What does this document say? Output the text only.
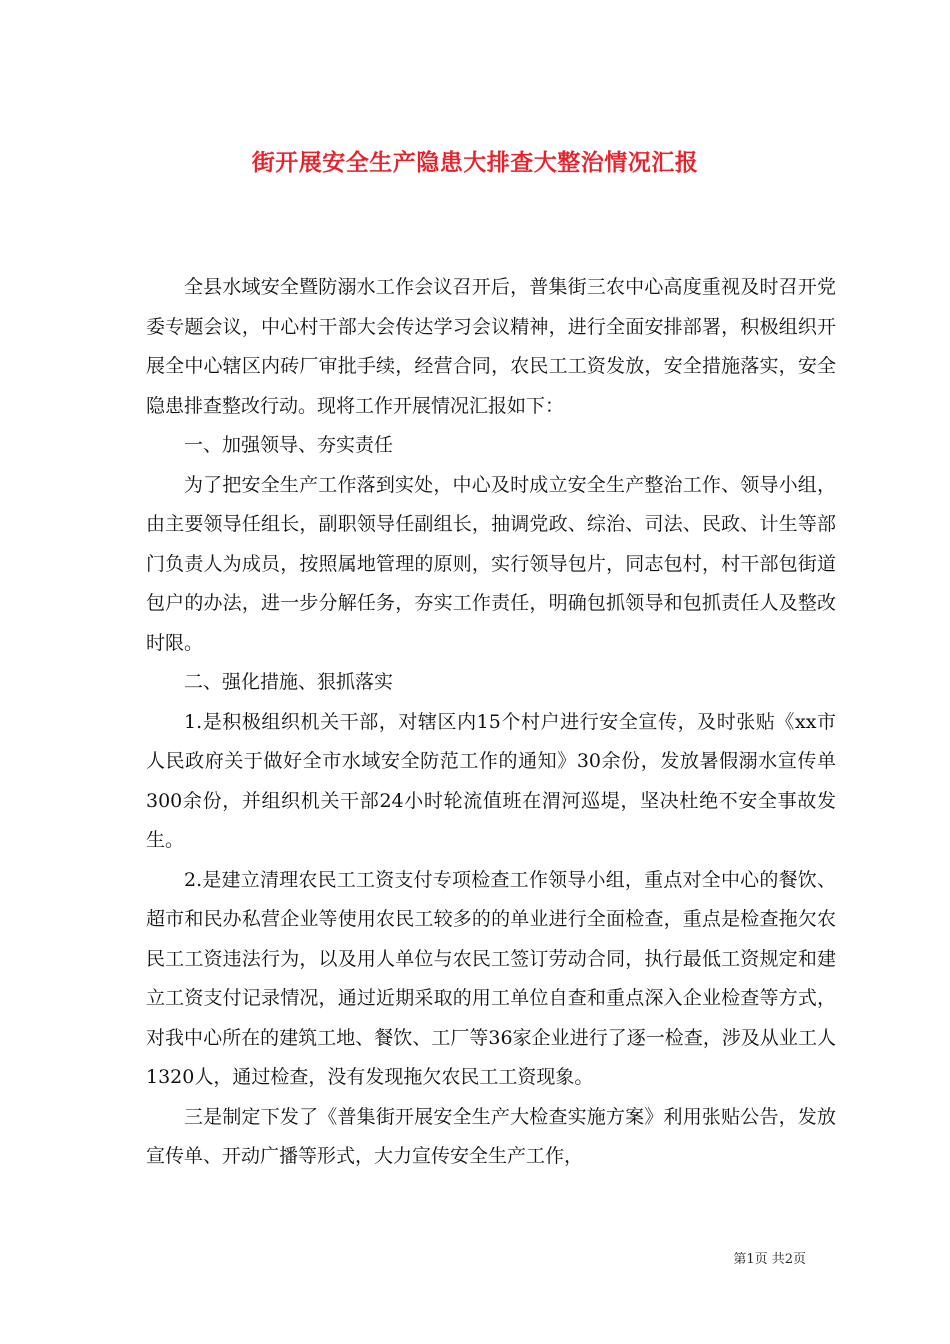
街开展安全生产隐患大排查大整治情况汇报

全县水域安全暨防溺水工作会议召开后，普集街三农中心高度重视及时召开党委专题会议，中心村干部大会传达学习会议精神，进行全面安排部署，积极组织开展全中心辖区内砖厂审批手续，经营合同，农民工工资发放，安全措施落实，安全隐患排查整改行动。现将工作开展情况汇报如下：

一、加强领导、夯实责任

为了把安全生产工作落到实处，中心及时成立安全生产整治工作、领导小组，由主要领导任组长，副职领导任副组长，抽调党政、综治、司法、民政、计生等部门负责人为成员，按照属地管理的原则，实行领导包片，同志包村，村干部包街道包户的办法，进一步分解任务，夯实工作责任，明确包抓领导和包抓责任人及整改时限。

二、强化措施、狠抓落实

1.是积极组织机关干部，对辖区内15个村户进行安全宣传，及时张贴《xx市人民政府关于做好全市水域安全防范工作的通知》30余份，发放暑假溺水宣传单300余份，并组织机关干部24小时轮流值班在渭河巡堤，坚决杜绝不安全事故发生。

2.是建立清理农民工工资支付专项检查工作领导小组，重点对全中心的餐饮、超市和民办私营企业等使用农民工较多的的单业进行全面检查，重点是检查拖欠农民工工资违法行为，以及用人单位与农民工签订劳动合同，执行最低工资规定和建立工资支付记录情况，通过近期采取的用工单位自查和重点深入企业检查等方式，对我中心所在的建筑工地、餐饮、工厂等36家企业进行了逐一检查，涉及从业工人1320人，通过检查，没有发现拖欠农民工工资现象。

三是制定下发了《普集街开展安全生产大检查实施方案》利用张贴公告，发放宣传单、开动广播等形式，大力宣传安全生产工作，

第1页 共2页
